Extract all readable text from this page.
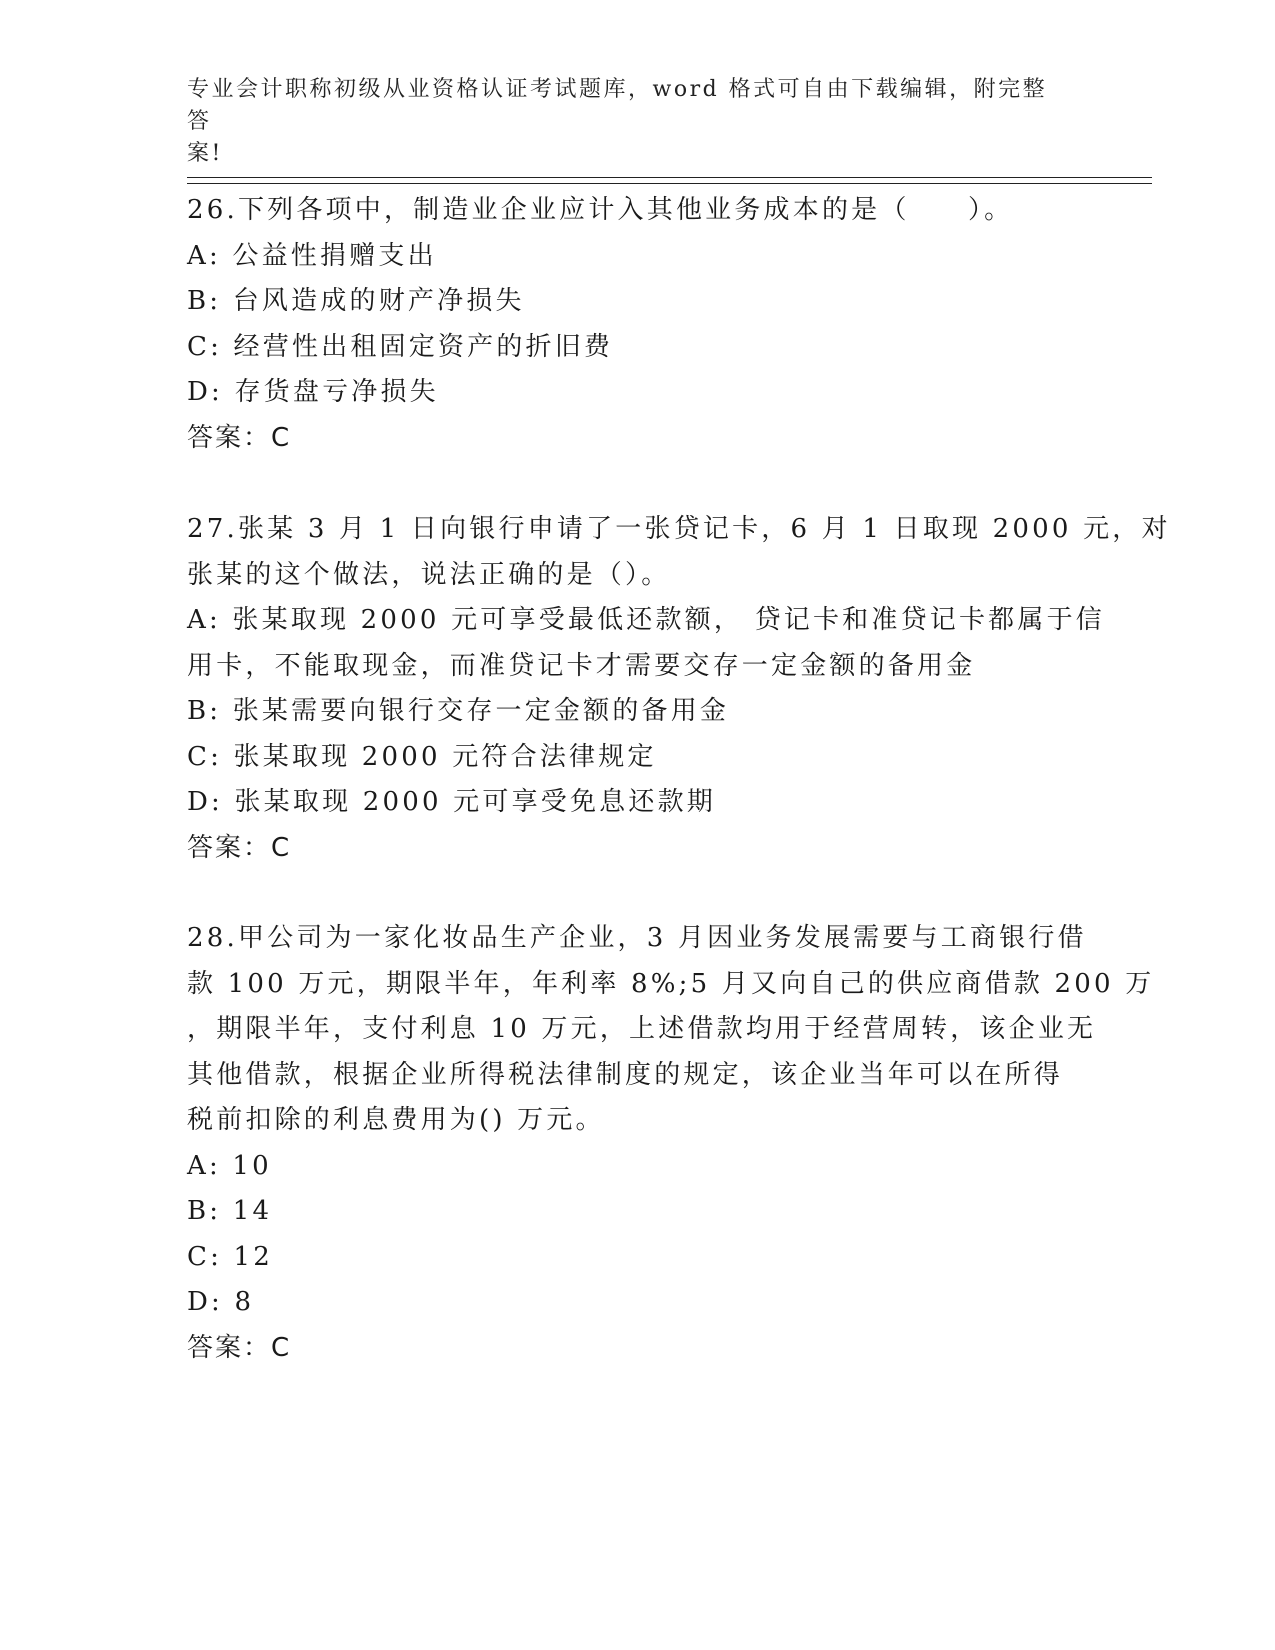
专业会计职称初级从业资格认证考试题库，word 格式可自由下载编辑，附完整答
案!
26.下列各项中，制造业企业应计入其他业务成本的是（　　）。
A: 公益性捐赠支出
B: 台风造成的财产净损失
C: 经营性出租固定资产的折旧费
D: 存货盘亏净损失
答案：C
27.张某 3 月 1 日向银行申请了一张贷记卡，6 月 1 日取现 2000 元，对
张某的这个做法，说法正确的是（）。
A: 张某取现 2000 元可享受最低还款额， 贷记卡和准贷记卡都属于信
用卡，不能取现金，而准贷记卡才需要交存一定金额的备用金
B: 张某需要向银行交存一定金额的备用金
C: 张某取现 2000 元符合法律规定
D: 张某取现 2000 元可享受免息还款期
答案：C
28.甲公司为一家化妆品生产企业，3 月因业务发展需要与工商银行借
款 100 万元，期限半年，年利率 8%;5 月又向自己的供应商借款 200 万
，期限半年，支付利息 10 万元，上述借款均用于经营周转，该企业无
其他借款，根据企业所得税法律制度的规定，该企业当年可以在所得
税前扣除的利息费用为() 万元。
A: 10
B: 14
C: 12
D: 8
答案：C
